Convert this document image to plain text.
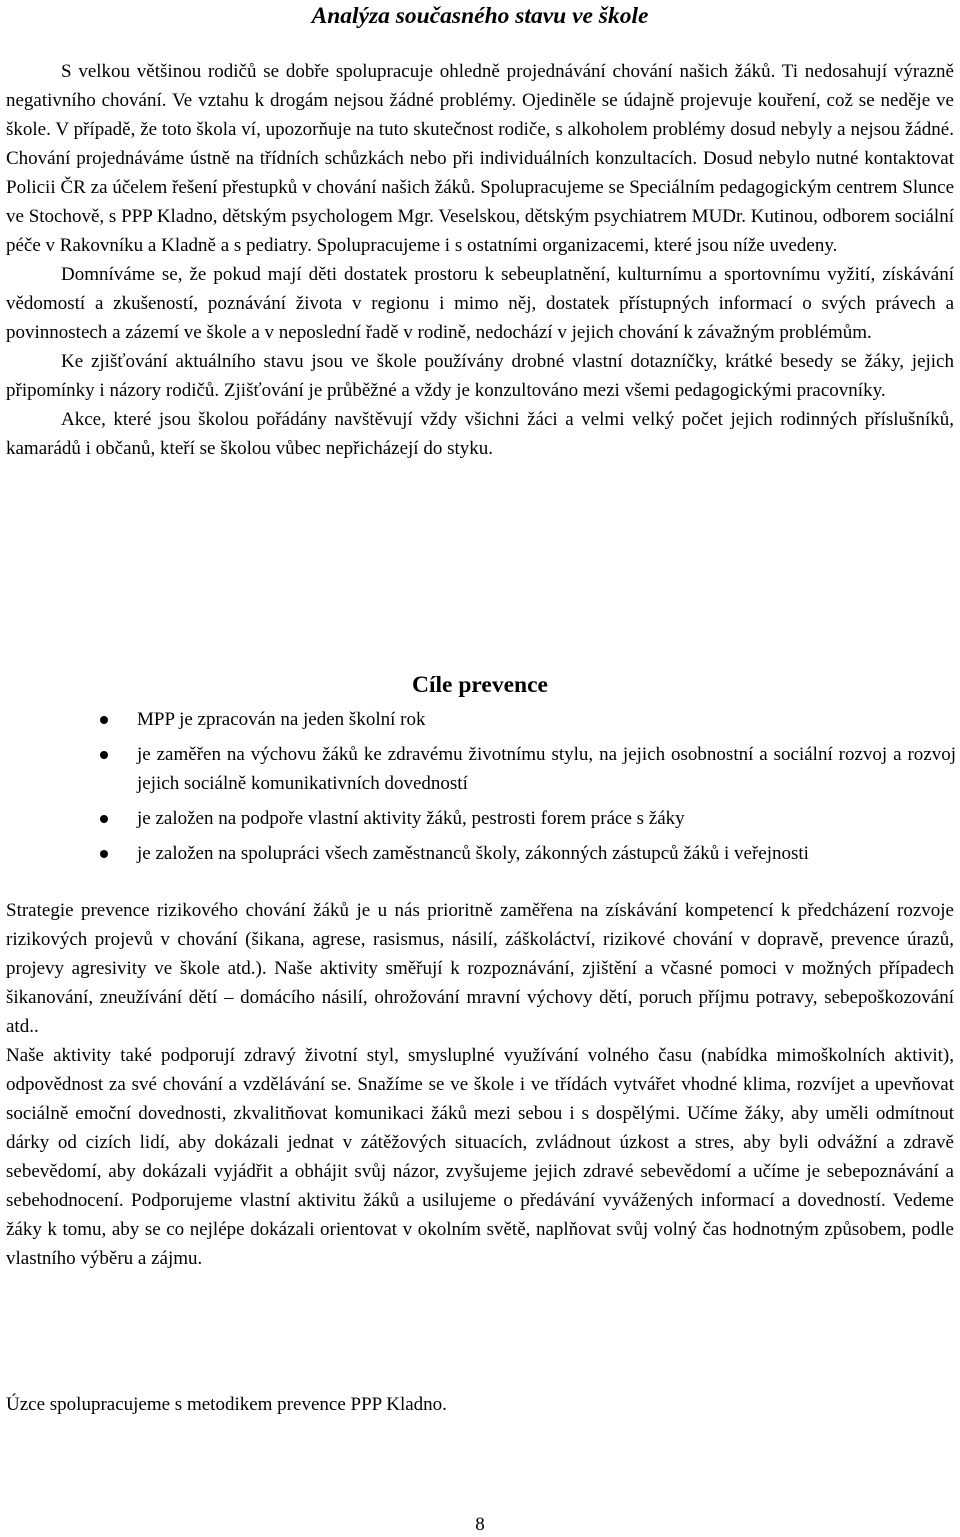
Analýza současného stavu ve škole

S velkou většinou rodičů se dobře spolupracuje ohledně projednávání chování našich žáků. Ti nedosahují výrazně negativního chování. Ve vztahu k drogám nejsou žádné problémy. Ojediněle se údajně projevuje kouření, což se neděje ve škole. V případě, že toto škola ví, upozorňuje na tuto skutečnost rodiče, s alkoholem problémy dosud nebyly a nejsou žádné. Chování projednáváme ústně na třídních schůzkách nebo při individuálních konzultacích. Dosud nebylo nutné kontaktovat Policii ČR za účelem řešení přestupků v chování našich žáků. Spolupracujeme se Speciálním pedagogickým centrem Slunce ve Stochově, s PPP Kladno, dětským psychologem Mgr. Veselskou, dětským psychiatrem MUDr. Kutinou, odborem sociální péče v Rakovníku a Kladně a s pediatry. Spolupracujeme i s ostatními organizacemi, které jsou níže uvedeny.

Domníváme se, že pokud mají děti dostatek prostoru k sebeuplatnění, kulturnímu a sportovnímu vyžití, získávání vědomostí a zkušeností, poznávání života v regionu i mimo něj, dostatek přístupných informací o svých právech a povinnostech a zázemí ve škole a v neposlední řadě v rodině, nedochází v jejich chování k závažným problémům.

Ke zjišťování aktuálního stavu jsou ve škole používány drobné vlastní dotazníčky, krátké besedy se žáky, jejich připomínky i názory rodičů. Zjišťování je průběžné a vždy je konzultováno mezi všemi pedagogickými pracovníky.

Akce, které jsou školou pořádány navštěvují vždy všichni žáci a velmi velký počet jejich rodinných příslušníků, kamarádů i občanů, kteří se školou vůbec nepřicházejí do styku.

Cíle prevence
MPP je zpracován na jeden školní rok
je zaměřen na výchovu žáků ke zdravému životnímu stylu, na jejich osobnostní a sociální rozvoj a rozvoj jejich sociálně komunikativních dovedností
je založen na podpoře vlastní aktivity žáků, pestrosti forem práce s žáky
je založen na spolupráci všech zaměstnanců školy, zákonných zástupců žáků i veřejnosti

Strategie prevence rizikového chování žáků je u nás prioritně zaměřena na získávání kompetencí k předcházení rozvoje rizikových projevů v chování (šikana, agrese, rasismus, násilí, záškoláctví, rizikové chování v dopravě, prevence úrazů, projevy agresivity ve škole atd.). Naše aktivity směřují k rozpoznávání, zjištění a včasné pomoci v možných případech šikanování, zneužívání dětí – domácího násilí, ohrožování mravní výchovy dětí, poruch příjmu potravy, sebepoškozování atd..

Naše aktivity také podporují zdravý životní styl, smysluplné využívání volného času (nabídka mimoškolních aktivit), odpovědnost za své chování a vzdělávání se. Snažíme se ve škole i ve třídách vytvářet vhodné klima, rozvíjet a upevňovat sociálně emoční dovednosti, zkvalitňovat komunikaci žáků mezi sebou i s dospělými. Učíme žáky, aby uměli odmítnout dárky od cizích lidí, aby dokázali jednat v zátěžových situacích, zvládnout úzkost a stres, aby byli odvážní a zdravě sebevědomí, aby dokázali vyjádřit a obhájit svůj názor, zvyšujeme jejich zdravé sebevědomí a učíme je sebepoznávání a sebehodnocení. Podporujeme vlastní aktivitu žáků a usilujeme o předávání vyvážených informací a dovedností. Vedeme žáky k tomu, aby se co nejlépe dokázali orientovat v okolním světě, naplňovat svůj volný čas hodnotným způsobem, podle vlastního výběru a zájmu.

Úzce spolupracujeme s metodikem prevence PPP Kladno.

8
